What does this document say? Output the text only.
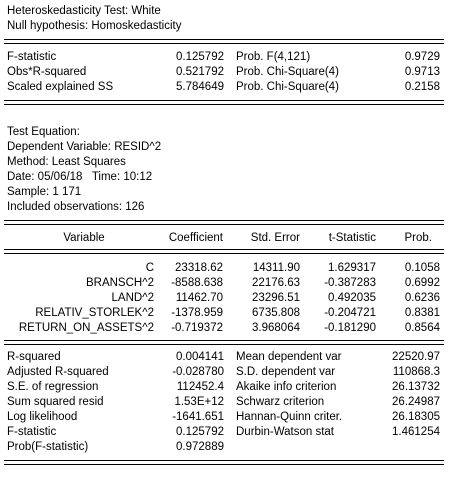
Heteroskedasticity Test: White
Null hypothesis: Homoskedasticity
F-statistic	0.125792 Prob. F(4,121)	0.9729
Obs*R-squared	0.521792 Prob. Chi-Square(4)	0.9713
Scaled explained SS	5.784649 Prob. Chi-Square(4)	0.2158
Test Equation:
Dependent Variable: RESID^2
Method: Least Squares
Date: 05/06/18   Time: 10:12
Sample: 1 171
Included observations: 126
Variable	Coefficient	Std. Error	t-Statistic	Prob.
C	23318.62	14311.90	1.629317	0.1058
BRANSCH^2	-8588.638	22176.63	-0.387283	0.6992
LAND^2	11462.70	23296.51	0.492035	0.6236
RELATIV_STORLEK^2	-1378.959	6735.808	-0.204721	0.8381
RETURN_ON_ASSETS^2	-0.719372	3.968064	-0.181290	0.8564
R-squared	0.004141 Mean dependent var	22520.97
Adjusted R-squared	-0.028780 S.D. dependent var	110868.3
S.E. of regression	112452.4 Akaike info criterion	26.13732
Sum squared resid	1.53E+12 Schwarz criterion	26.24987
Log likelihood	-1641.651 Hannan-Quinn criter.	26.18305
F-statistic	0.125792 Durbin-Watson stat	1.461254
Prob(F-statistic)	0.972889
